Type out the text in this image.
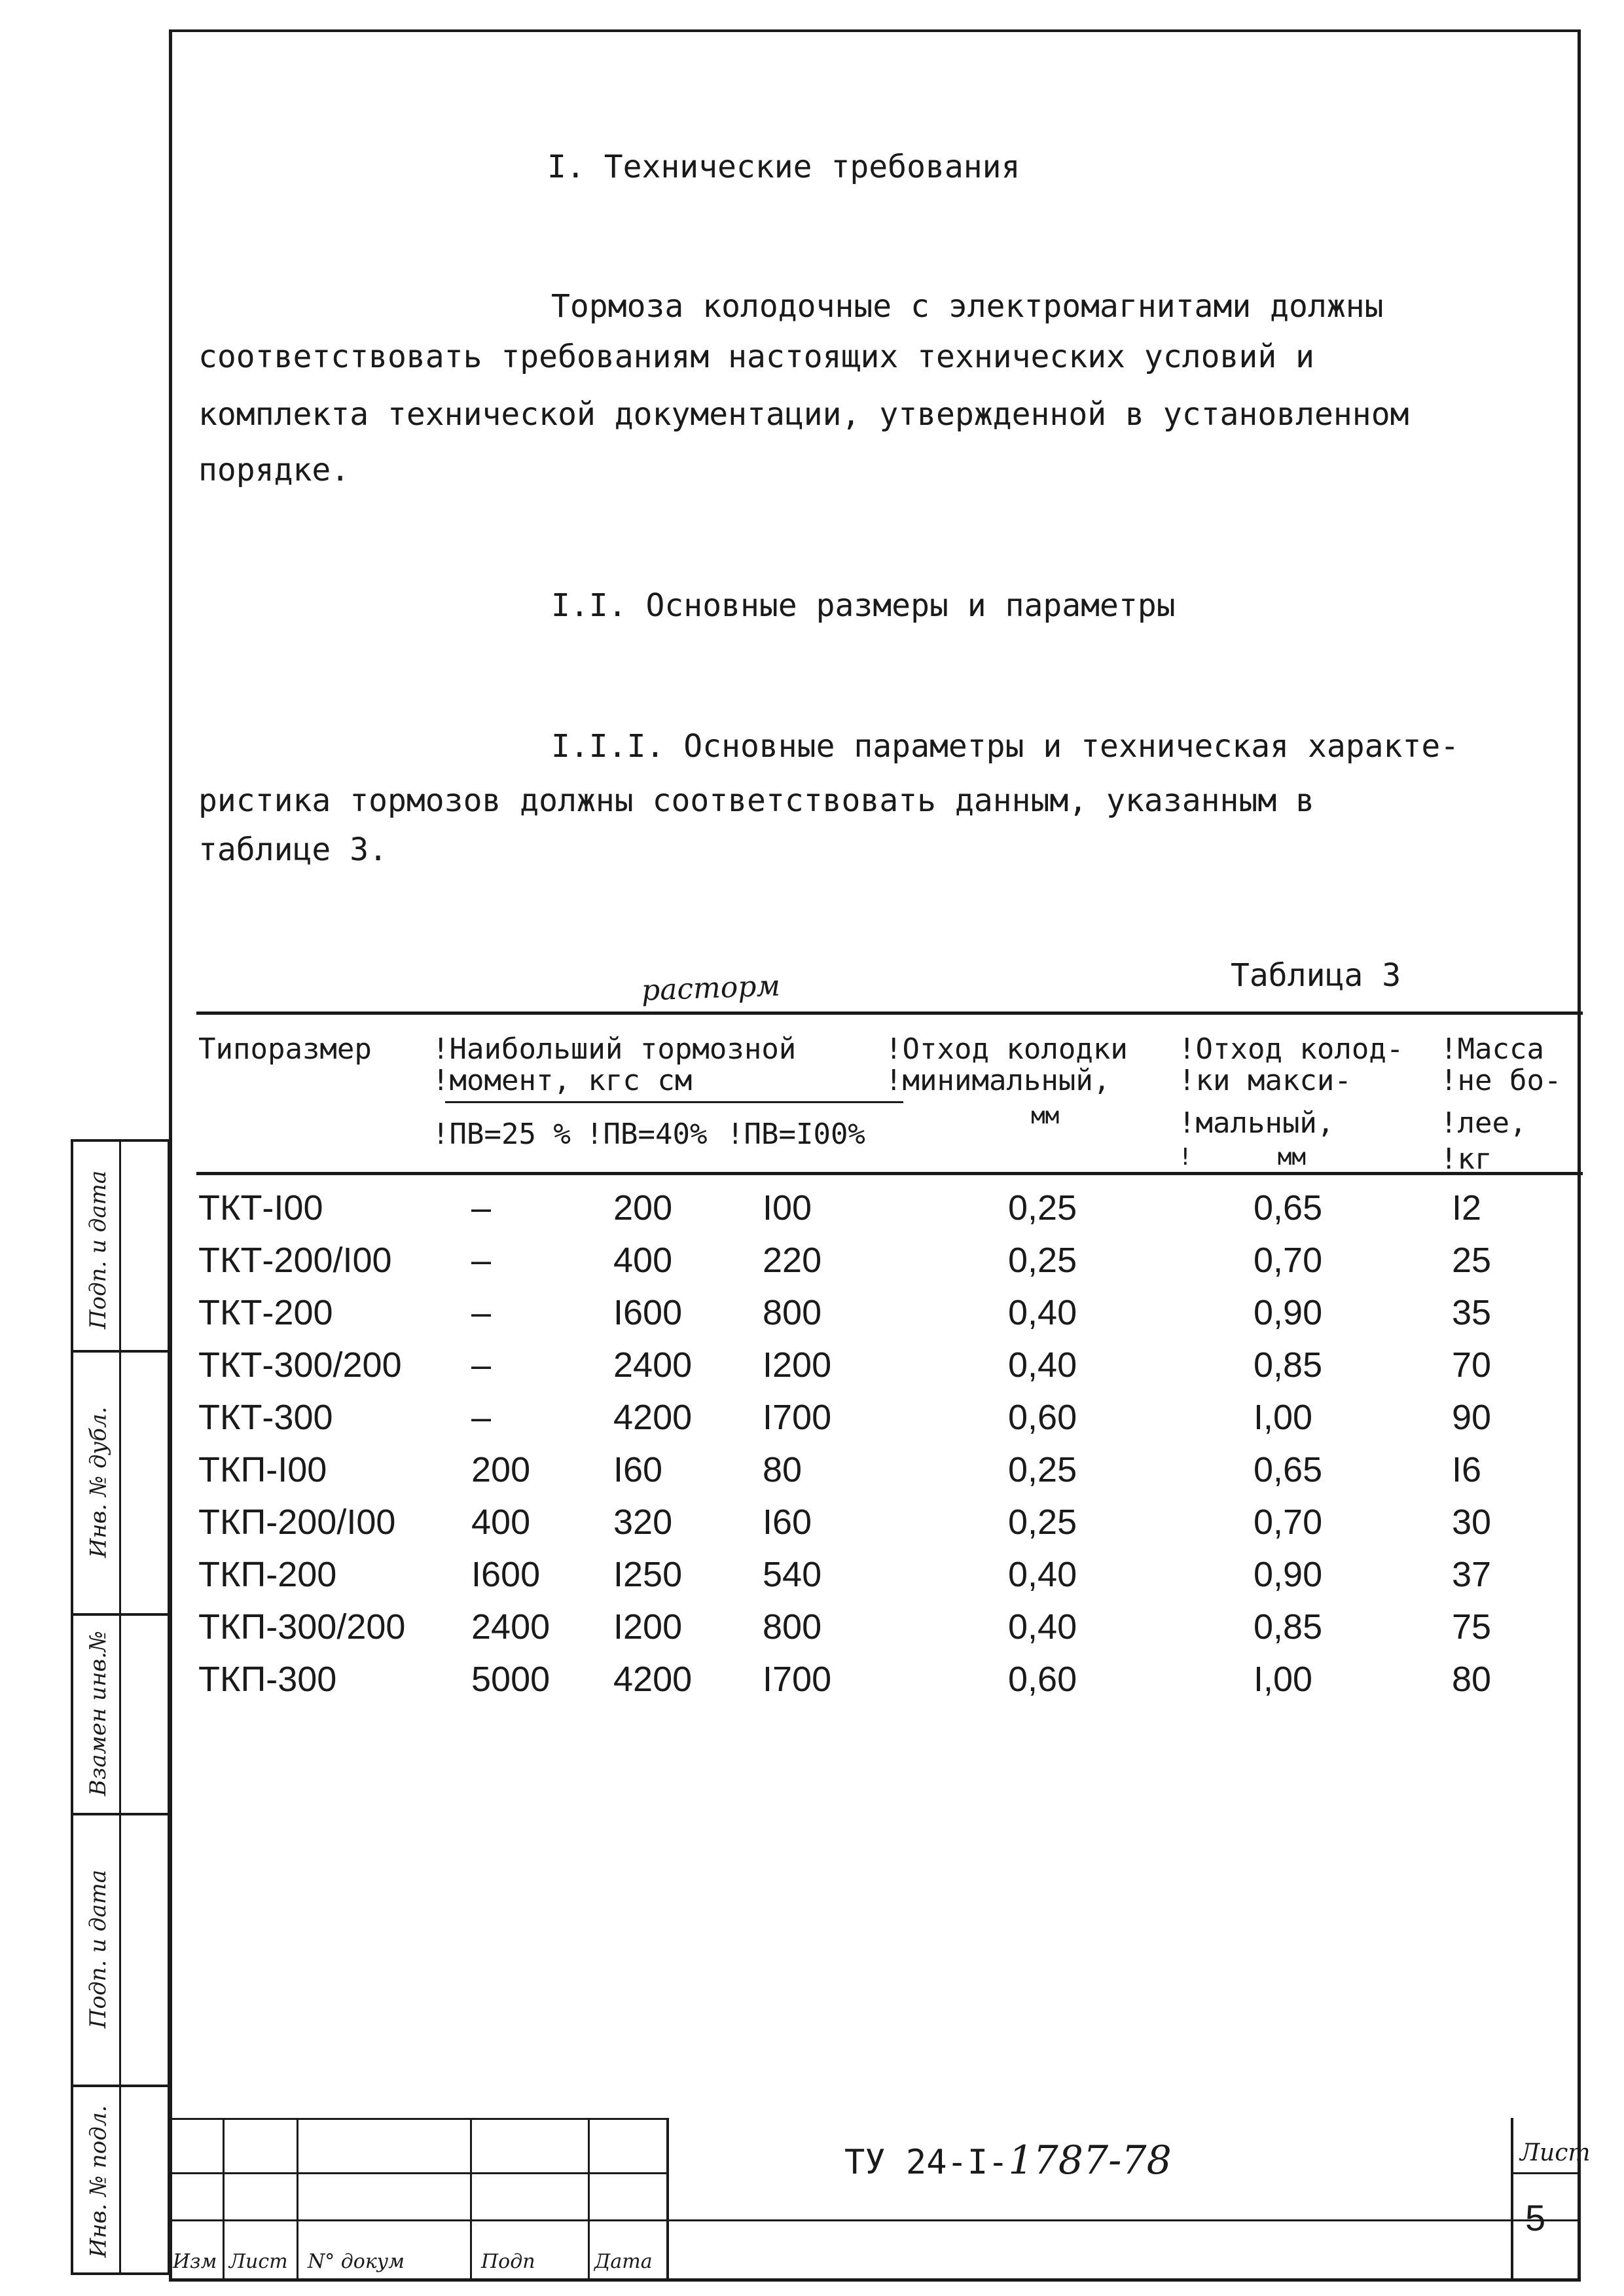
I. Технические требования
Тормоза колодочные с электромагнитами должны
соответствовать требованиям настоящих технических условий и
комплекта технической документации, утвержденной в установленном
порядке.
I.I. Основные размеры и параметры
I.I.I. Основные параметры и техническая характе-
ристика тормозов должны соответствовать данным, указанным в
таблице 3.
Таблица 3
расторм
Типоразмер !Наибольший тормозной
!момент, кгс см
!ПВ=25 % !ПВ=40% !ПВ=I00%
!Отход колодки
!минимальный,
мм
!Отход колод-
!ки макси-
!мальный,
!      мм
!Масса
!не бо-
!лее,
!кг
ТКТ-I00	–	200	I00	0,25	0,65	I2
ТКТ-200/I00 –	400	220	0,25	0,70	25
ТКТ-200	–	I600 800	0,40	0,90	35
ТКТ-300/200 –	2400 I200	0,40	0,85	70
ТКТ-300	–	4200 I700	0,60	I,00	90
ТКП-I00	200 I60	80	0,25	0,65	I6
ТКП-200/I00 400 320	I60	0,25	0,70	30
ТКП-200	I600 I250 540	0,40	0,90	37
ТКП-300/200 2400 I200 800	0,40	0,85	75
ТКП-300	5000 4200 I700	0,60	I,00	80
Подп. и дата
Инв. № дубл.
Взамен инв.№
Подп. и дата
Инв. № подл.
Изм Лист N° докум	Подп	Дата
ТУ 24-I-1787-78	Лист
5
